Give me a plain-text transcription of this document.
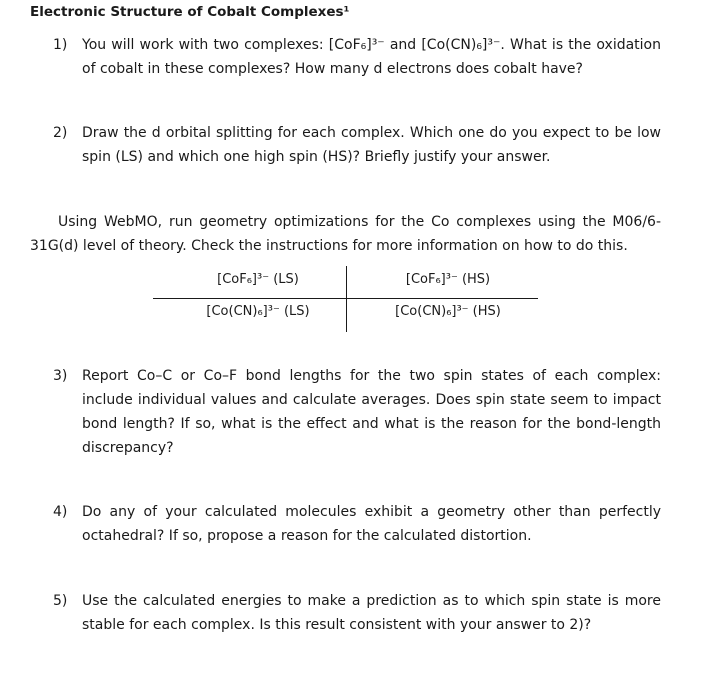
Electronic Structure of Cobalt Complexes¹
1) You will work with two complexes: [CoF₆]³⁻ and [Co(CN)₆]³⁻. What is the oxidation of cobalt in these complexes? How many d electrons does cobalt have?
2) Draw the d orbital splitting for each complex. Which one do you expect to be low spin (LS) and which one high spin (HS)? Briefly justify your answer.
Using WebMO, run geometry optimizations for the Co complexes using the M06/6-31G(d) level of theory. Check the instructions for more information on how to do this.
[CoF₆]³⁻ (LS)	[CoF₆]³⁻ (HS)
[Co(CN)₆]³⁻ (LS)	[Co(CN)₆]³⁻ (HS)
3) Report Co–C or Co–F bond lengths for the two spin states of each complex: include individual values and calculate averages. Does spin state seem to impact bond length? If so, what is the effect and what is the reason for the bond-length discrepancy?
4) Do any of your calculated molecules exhibit a geometry other than perfectly octahedral? If so, propose a reason for the calculated distortion.
5) Use the calculated energies to make a prediction as to which spin state is more stable for each complex. Is this result consistent with your answer to 2)?
